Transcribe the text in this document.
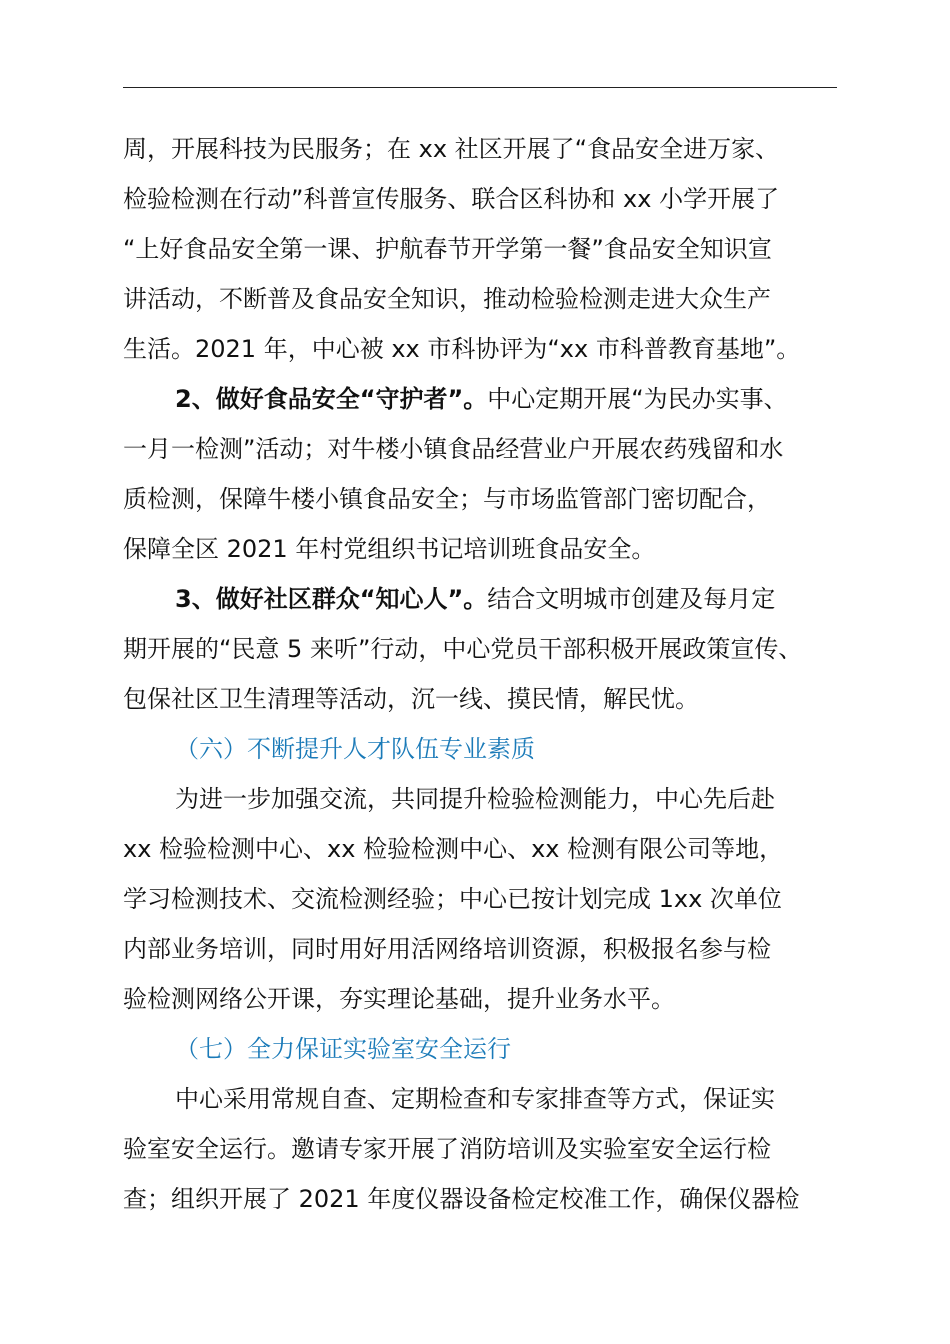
周，开展科技为民服务；在 xx 社区开展了“食品安全进万家、
检验检测在行动”科普宣传服务、联合区科协和 xx 小学开展了
“上好食品安全第一课、护航春节开学第一餐”食品安全知识宣
讲活动，不断普及食品安全知识，推动检验检测走进大众生产
生活。2021 年，中心被 xx 市科协评为“xx 市科普教育基地”。
2、做好食品安全“守护者”。中心定期开展“为民办实事、
一月一检测”活动；对牛楼小镇食品经营业户开展农药残留和水
质检测，保障牛楼小镇食品安全；与市场监管部门密切配合，
保障全区 2021 年村党组织书记培训班食品安全。
3、做好社区群众“知心人”。结合文明城市创建及每月定
期开展的“民意 5 来听”行动，中心党员干部积极开展政策宣传、
包保社区卫生清理等活动，沉一线、摸民情，解民忧。
（六）不断提升人才队伍专业素质
为进一步加强交流，共同提升检验检测能力，中心先后赴
xx 检验检测中心、xx 检验检测中心、xx 检测有限公司等地，
学习检测技术、交流检测经验；中心已按计划完成 1xx 次单位
内部业务培训，同时用好用活网络培训资源，积极报名参与检
验检测网络公开课，夯实理论基础，提升业务水平。
（七）全力保证实验室安全运行
中心采用常规自查、定期检查和专家排查等方式，保证实
验室安全运行。邀请专家开展了消防培训及实验室安全运行检
查；组织开展了 2021 年度仪器设备检定校准工作，确保仪器检
